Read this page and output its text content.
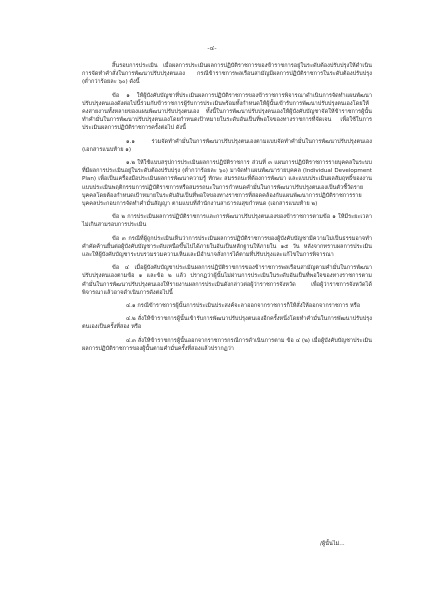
-๔-

สิ้นรอบการประเมิน เมื่อผลการประเมินผลการปฏิบัติราชการของข้าราชการอยู่ในระดับต้องปรับปรุงให้ดำเนินการจัดทำคำสั่งในการพัฒนาปรับปรุงตนเอง กรณีข้าราชการพลเรือนสามัญมีผลการปฏิบัติราชการในระดับต้องปรับปรุง (ต่ำกว่าร้อยละ ๖๐) ดังนี้

ข้อ ๑ ให้ผู้บังคับบัญชาที่ประเมินผลการปฏิบัติราชการของข้าราชการพิจารณาดำเนินการจัดทำแผนพัฒนาปรับปรุงตนเองดังต่อไปนี้ร่วมกับข้าราชการผู้รับการประเมินพร้อมทั้งกำหนดให้ผู้นั้นเข้ารับการพัฒนาปรับปรุงตนเองโดยให้คงสายงานทั้งหลายของแผนพัฒนาปรับปรุงตนเอง ทั้งนี้ในการพัฒนาปรับปรุงตนเองให้ผู้บังคับบัญชาจัดให้ข้าราชการผู้นั้นทำคำมั่นในการพัฒนาปรับปรุงตนเองโดยกำหนดเป้าหมายในระดับอันเป็นที่พอใจของทางราชการที่จัดเจน เพื่อใช้ในการประเมินผลการปฏิบัติราชการครั้งต่อไป ดังนี้

๑.๑ ร่วมจัดทำคำมั่นในการพัฒนาปรับปรุงตนเองตามแบบจัดทำคำมั่นในการพัฒนาปรับปรุงตนเอง (เอกสารแนบท้าย ๑)

๑.๒ ให้ใช้แบบสรุปการประเมินผลการปฏิบัติราชการ ส่วนที่ ๓ แผนการปฏิบัติราชการรายบุคคลในระบบที่มีผลการประเมินอยู่ในระดับต้องปรับปรุง (ต่ำกว่าร้อยละ ๖๐) มาจัดทำแผนพัฒนารายบุคคล (Individual Development Plan) เพื่อเป็นเครื่องมือประเมินผลการพัฒนาความรู้ ทักษะ สมรรถนะที่ต้องการพัฒนา และแบบประเมินผลสัมฤทธิ์ของงาน แบบประเมินพฤติกรรมการปฏิบัติราชการหรือสมรรถนะในการกำหนดคำมั่นในการพัฒนาปรับปรุงตนเองเป็นตัวชี้วัดรายบุคคลโดยต้องกำหนดเป้าหมายในระดับอันเป็นที่พอใจของทางราชการที่สอดคล้องกับแผนพัฒนาการปฏิบัติราชการรายบุคคลประกอบการจัดทำคำมั่นสัญญา ตามแบบที่สำนักงานสาธารณสุขกำหนด (เอกสารแนบท้าย ๒)

ข้อ ๒ การประเมินผลการปฏิบัติราชการและการพัฒนาปรับปรุงตนเองของข้าราชการตามข้อ ๑ ให้มีระยะเวลาไม่เกินสามรอบการประเมิน

ข้อ ๓ กรณีที่ผู้ถูกประเมินเห็นว่าการประเมินผลการปฏิบัติราชการของผู้บังคับบัญชามีความไม่เป็นธรรมอาจทำคำคัดค้านยื่นต่อผู้บังคับบัญชาระดับเหนือขึ้นไปได้ภายในอันเป็นหลักฐานให้ภายใน ๑๕ วัน หลังจากทราบผลการประเมินและให้ผู้บังคับบัญชาระบบรวมรวมความเห็นและมีอำนาจสั่งการได้ตามที่ปรับปรุงและแก้ไขในการพิจารณา

ข้อ ๔ เมื่อผู้บังคับบัญชาประเมินผลการปฏิบัติราชการของข้าราชการพลเรือนสามัญตามคำมั่นในการพัฒนาปรับปรุงตนเองตามข้อ ๑ และข้อ ๒ แล้ว ปรากฏว่าผู้นั้นไม่ผ่านการประเมินในระดับอันเป็นที่พอใจของทางราชการตามคำมั่นในการพัฒนาปรับปรุงตนเองให้รายงานผลการประเมินดังกล่าวต่อผู้ว่าราชการจังหวัด เพื่อผู้ว่าราชการจังหวัดได้พิจารณาแล้วอาจดำเนินการดังต่อไปนี้

๔.๑ กรณีข้าราชการผู้นั้นการประเมินประสงค์จะลาออกจากราชการก็ให้สั่งให้ออกจากราชการ หรือ

๔.๒ สั่งให้ข้าราชการผู้นั้นเข้ารับการพัฒนาปรับปรุงตนเองอีกครั้งหนึ่งโดยทำคำมั่นในการพัฒนาปรับปรุงตนเองเป็นครั้งที่สอง หรือ

๔.๓ สั่งให้ข้าราชการผู้นั้นออกจากราชการกรณีการดำเนินการตาม ข้อ ๔ (๒) เมื่อผู้บังคับบัญชาประเมินผลการปฏิบัติราชการของผู้นั้นตามคำมั่นครั้งที่สองแล้วปรากฏว่า

/ผู้นั้นไม่...
